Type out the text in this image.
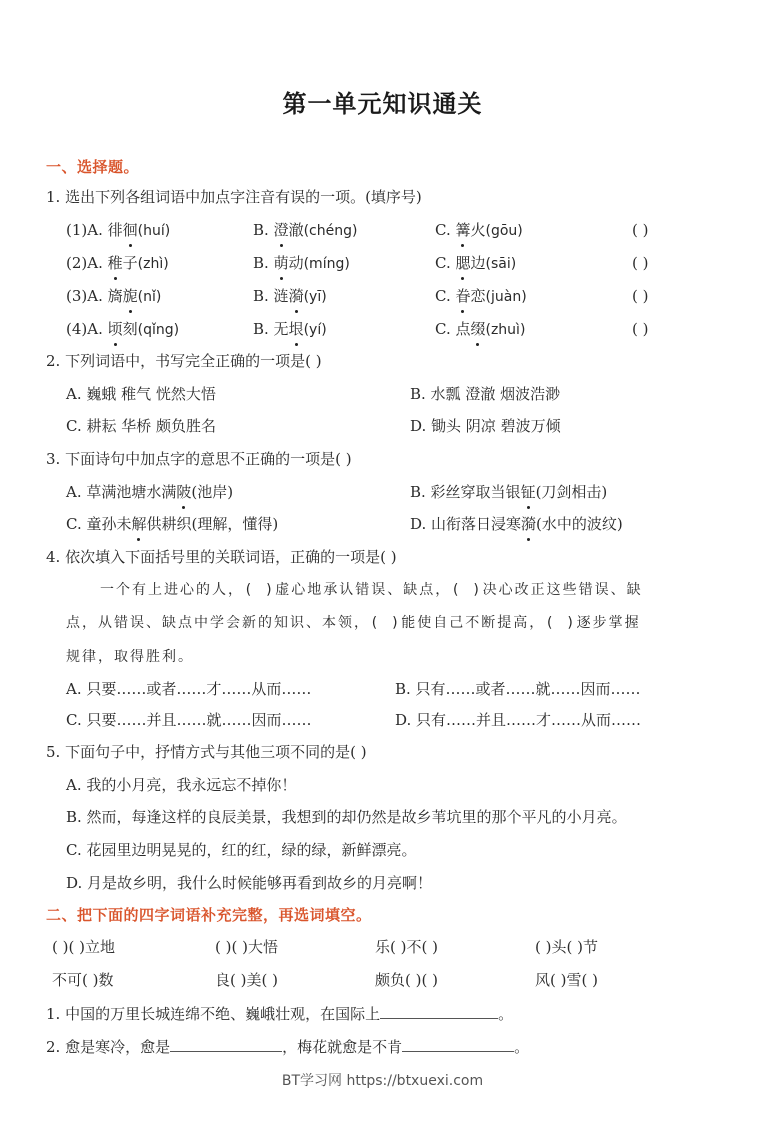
第一单元知识通关
一、选择题。
1. 选出下列各组词语中加点字注音有误的一项。(填序号)
(1)A. 徘徊(huí)	B. 澄澈(chéng)	C. 篝火(gōu)	( )
(2)A. 稚子(zhì)	B. 萌动(míng)	C. 腮边(sāi)	( )
(3)A. 旖旎(nǐ)	B. 涟漪(yī)	C. 眷恋(juàn)	( )
(4)A. 顷刻(qǐng)	B. 无垠(yí)	C. 点缀(zhuì)	( )
2. 下列词语中，书写完全正确的一项是( )
A. 巍蛾 稚气 恍然大悟	B. 水瓢 澄澈 烟波浩渺
C. 耕耘 华桥 颇负胜名	D. 锄头 阴凉 碧波万倾
3. 下面诗句中加点字的意思不正确的一项是( )
A. 草满池塘水满陂(池岸)	B. 彩丝穿取当银钲(刀剑相击)
C. 童孙未解供耕织(理解，懂得)	D. 山衔落日浸寒漪(水中的波纹)
4. 依次填入下面括号里的关联词语，正确的一项是( )
一个有上进心的人，( )虚心地承认错误、缺点，( )决心改正这些错误、缺
点，从错误、缺点中学会新的知识、本领，( )能使自己不断提高，( )逐步掌握
规律，取得胜利。
A. 只要……或者……才……从而……	B. 只有……或者……就……因而……
C. 只要……并且……就……因而……	D. 只有……并且……才……从而……
5. 下面句子中，抒情方式与其他三项不同的是( )
A. 我的小月亮，我永远忘不掉你！
B. 然而，每逢这样的良辰美景，我想到的却仍然是故乡苇坑里的那个平凡的小月亮。
C. 花园里边明晃晃的，红的红，绿的绿，新鲜漂亮。
D. 月是故乡明，我什么时候能够再看到故乡的月亮啊！
二、把下面的四字词语补充完整，再选词填空。
( )( )立地	( )( )大悟	乐( )不( )	( )头( )节
不可( )数	良( )美( )	颇负( )( )	风( )雪( )
1. 中国的万里长城连绵不绝、巍峨壮观，在国际上	。
2. 愈是寒冷，愈是	，梅花就愈是不肯	。
BT学习网 https://btxuexi.com
